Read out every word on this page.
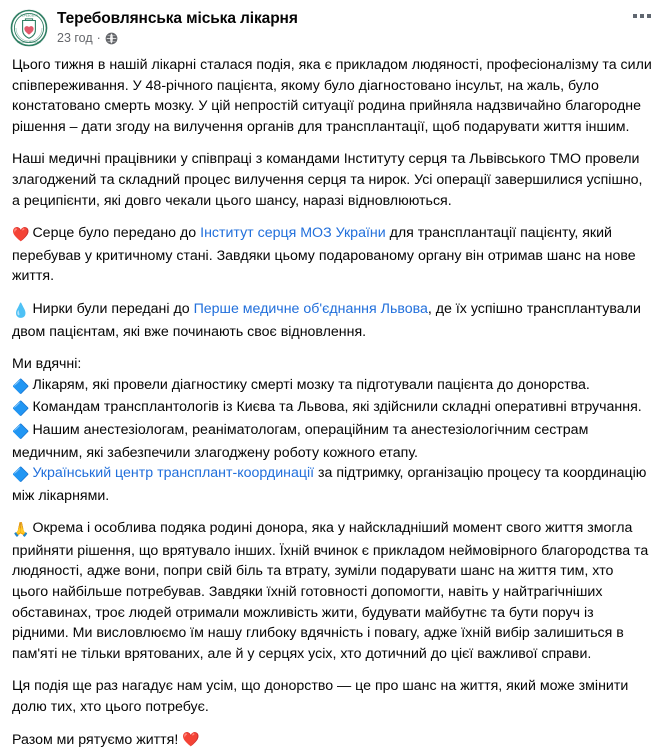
МІСЬКА ЛІКАРНЯ
ТЕРЕБОВЛЯ Теребовлянська міська лікарня
23 год ·

Цього тижня в нашій лікарні сталася подія, яка є прикладом людяності, професіоналізму та сили співпереживання. У 48-річного пацієнта, якому було діагностовано інсульт, на жаль, було констатовано смерть мозку. У цій непростій ситуації родина прийняла надзвичайно благородне рішення – дати згоду на вилучення органів для трансплантації, щоб подарувати життя іншим.

Наші медичні працівники у співпраці з командами Інституту серця та Львівського ТМО провели злагоджений та складний процес вилучення серця та нирок. Усі операції завершилися успішно, а реципієнти, які довго чекали цього шансу, наразі відновлюються.

❤️ Серце було передано до Інститут серця МОЗ України для трансплантації пацієнту, який перебував у критичному стані. Завдяки цьому подарованому органу він отримав шанс на нове життя.

💧 Нирки були передані до Перше медичне об'єднання Львова, де їх успішно трансплантували двом пацієнтам, які вже починають своє відновлення.

Ми вдячні:

🔷 Лікарям, які провели діагностику смерті мозку та підготували пацієнта до донорства.

🔷 Командам трансплантологів із Києва та Львова, які здійснили складні оперативні втручання.

🔷 Нашим анестезіологам, реаніматологам, операційним та анестезіологічним сестрам медичним, які забезпечили злагоджену роботу кожного етапу.

🔷 Український центр трансплант-координації за підтримку, організацію процесу та координацію між лікарнями.

🙏 Окрема і особлива подяка родині донора, яка у найскладніший момент свого життя змогла прийняти рішення, що врятувало інших. Їхній вчинок є прикладом неймовірного благородства та людяності, адже вони, попри свій біль та втрату, зуміли подарувати шанс на життя тим, хто цього найбільше потребував. Завдяки їхній готовності допомогти, навіть у найтрагічніших обставинах, троє людей отримали можливість жити, будувати майбутнє та бути поруч із рідними. Ми висловлюємо їм нашу глибоку вдячність і повагу, адже їхній вибір залишиться в пам'яті не тільки врятованих, але й у серцях усіх, хто дотичний до цієї важливої справи.

Ця подія ще раз нагадує нам усім, що донорство — це про шанс на життя, який може змінити долю тих, хто цього потребує.

Разом ми рятуємо життя! ❤️
